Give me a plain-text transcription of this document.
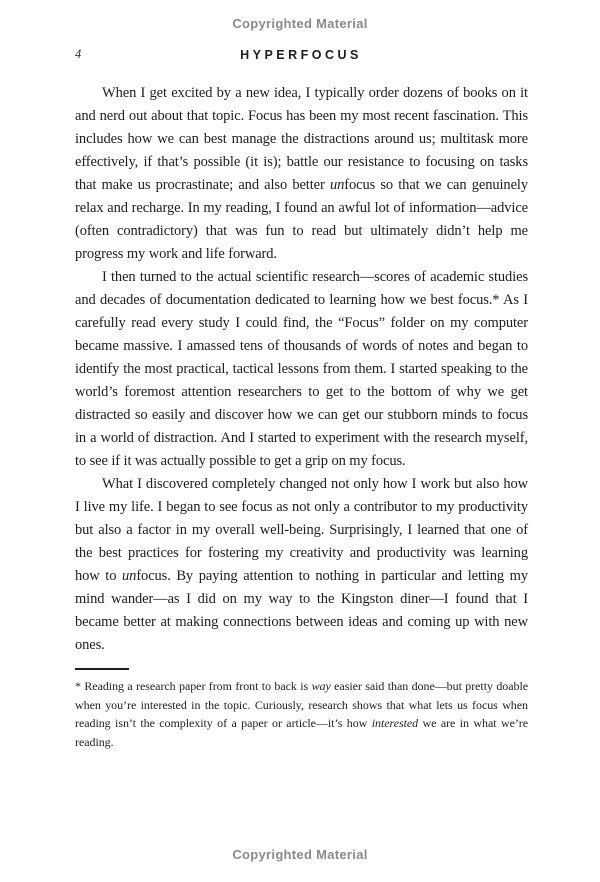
Copyrighted Material
4	HYPERFOCUS

When I get excited by a new idea, I typically order dozens of books on it and nerd out about that topic. Focus has been my most recent fascination. This includes how we can best manage the distractions around us; multitask more effectively, if that’s possible (it is); battle our resistance to focusing on tasks that make us procrastinate; and also better unfocus so that we can genuinely relax and recharge. In my reading, I found an awful lot of information—advice (often contradictory) that was fun to read but ultimately didn’t help me progress my work and life forward.

I then turned to the actual scientific research—scores of academic studies and decades of documentation dedicated to learning how we best focus.* As I carefully read every study I could find, the “Focus” folder on my computer became massive. I amassed tens of thousands of words of notes and began to identify the most practical, tactical lessons from them. I started speaking to the world’s foremost attention researchers to get to the bottom of why we get distracted so easily and discover how we can get our stubborn minds to focus in a world of distraction. And I started to experiment with the research myself, to see if it was actually possible to get a grip on my focus.

What I discovered completely changed not only how I work but also how I live my life. I began to see focus as not only a contributor to my productivity but also a factor in my overall well-being. Surprisingly, I learned that one of the best practices for fostering my creativity and productivity was learning how to unfocus. By paying attention to nothing in particular and letting my mind wander—as I did on my way to the Kingston diner—I found that I became better at making connections between ideas and coming up with new ones.

* Reading a research paper from front to back is way easier said than done—but pretty doable when you’re interested in the topic. Curiously, research shows that what lets us focus when reading isn’t the complexity of a paper or article—it’s how interested we are in what we’re reading.
Copyrighted Material
